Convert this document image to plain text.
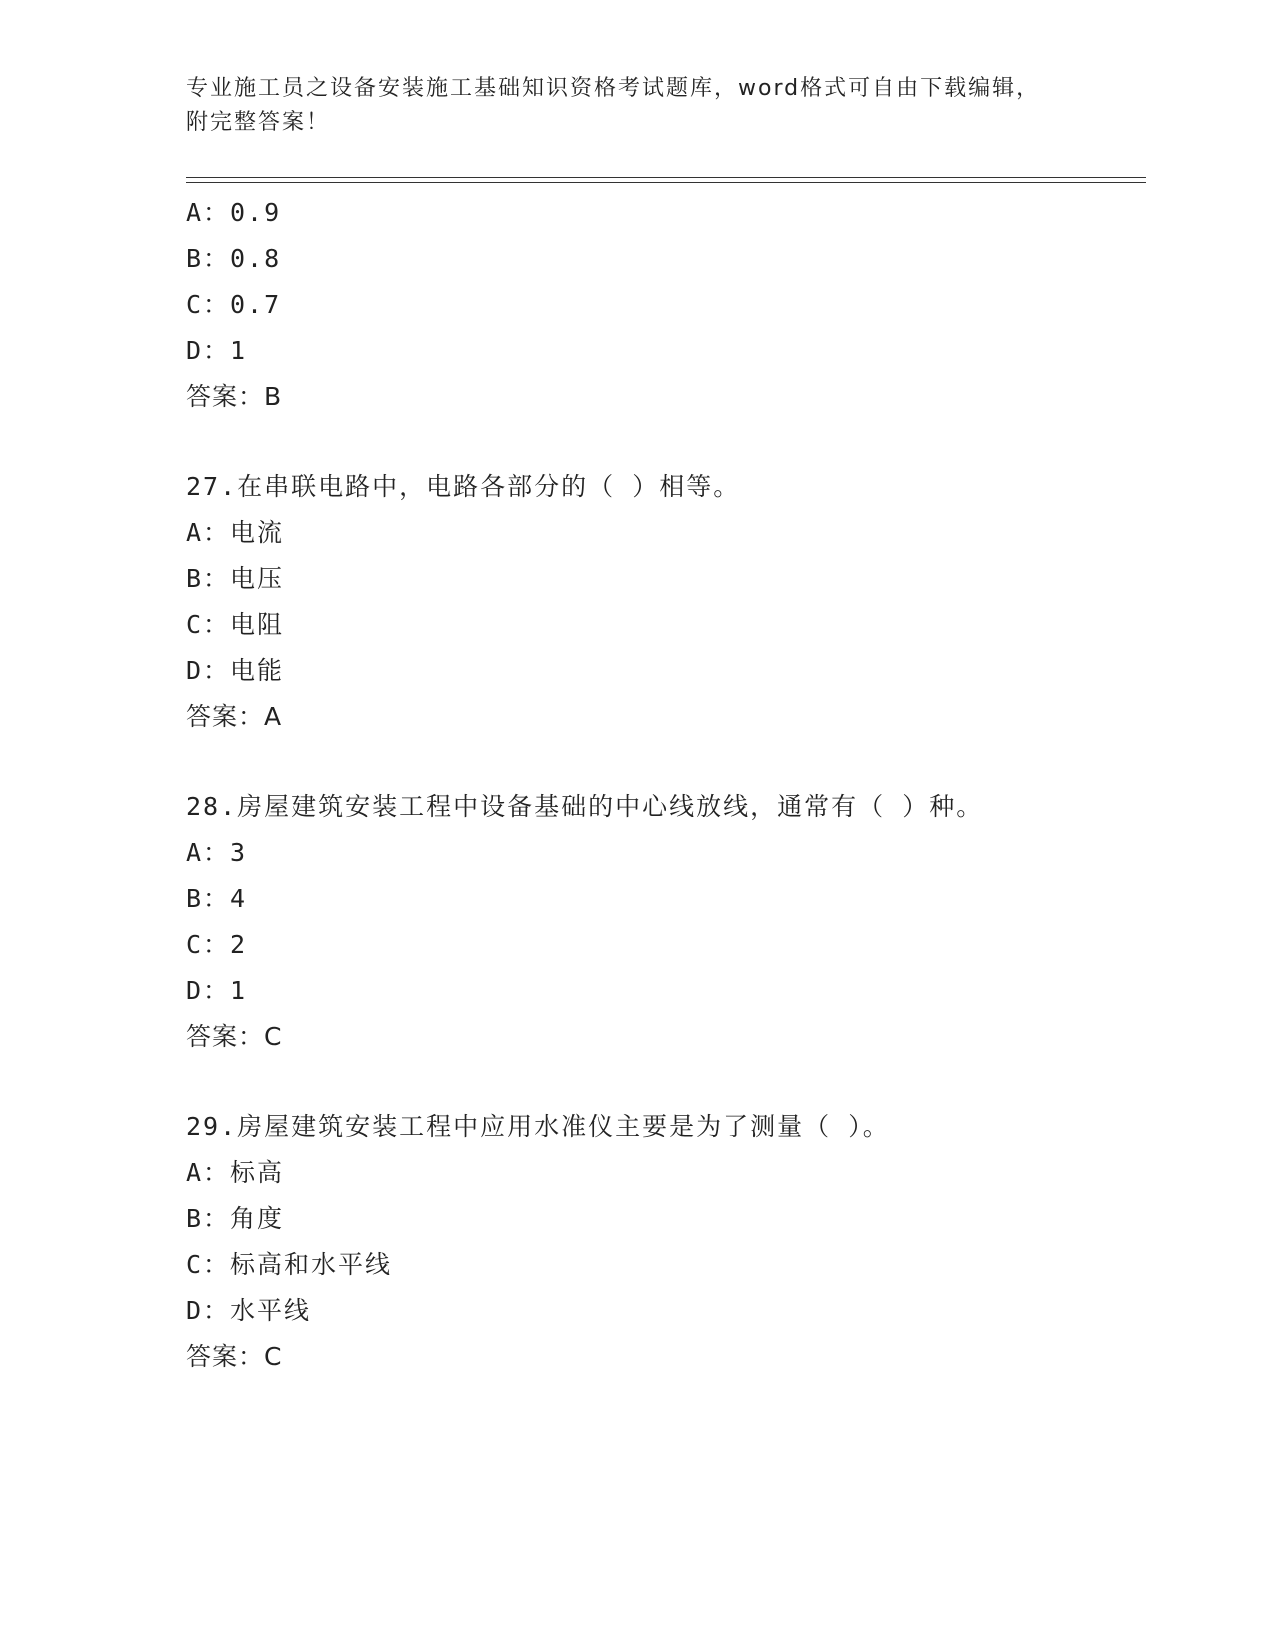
专业施工员之设备安装施工基础知识资格考试题库，word格式可自由下载编辑，
附完整答案！
A： 0.9
B： 0.8
C： 0.7
D： 1
答案：B
27.在串联电路中，电路各部分的（ ）相等。
A： 电流
B： 电压
C： 电阻
D： 电能
答案：A
28.房屋建筑安装工程中设备基础的中心线放线，通常有（ ）种。
A： 3
B： 4
C： 2
D： 1
答案：C
29.房屋建筑安装工程中应用水准仪主要是为了测量（ ）。
A： 标高
B： 角度
C： 标高和水平线
D： 水平线
答案：C
